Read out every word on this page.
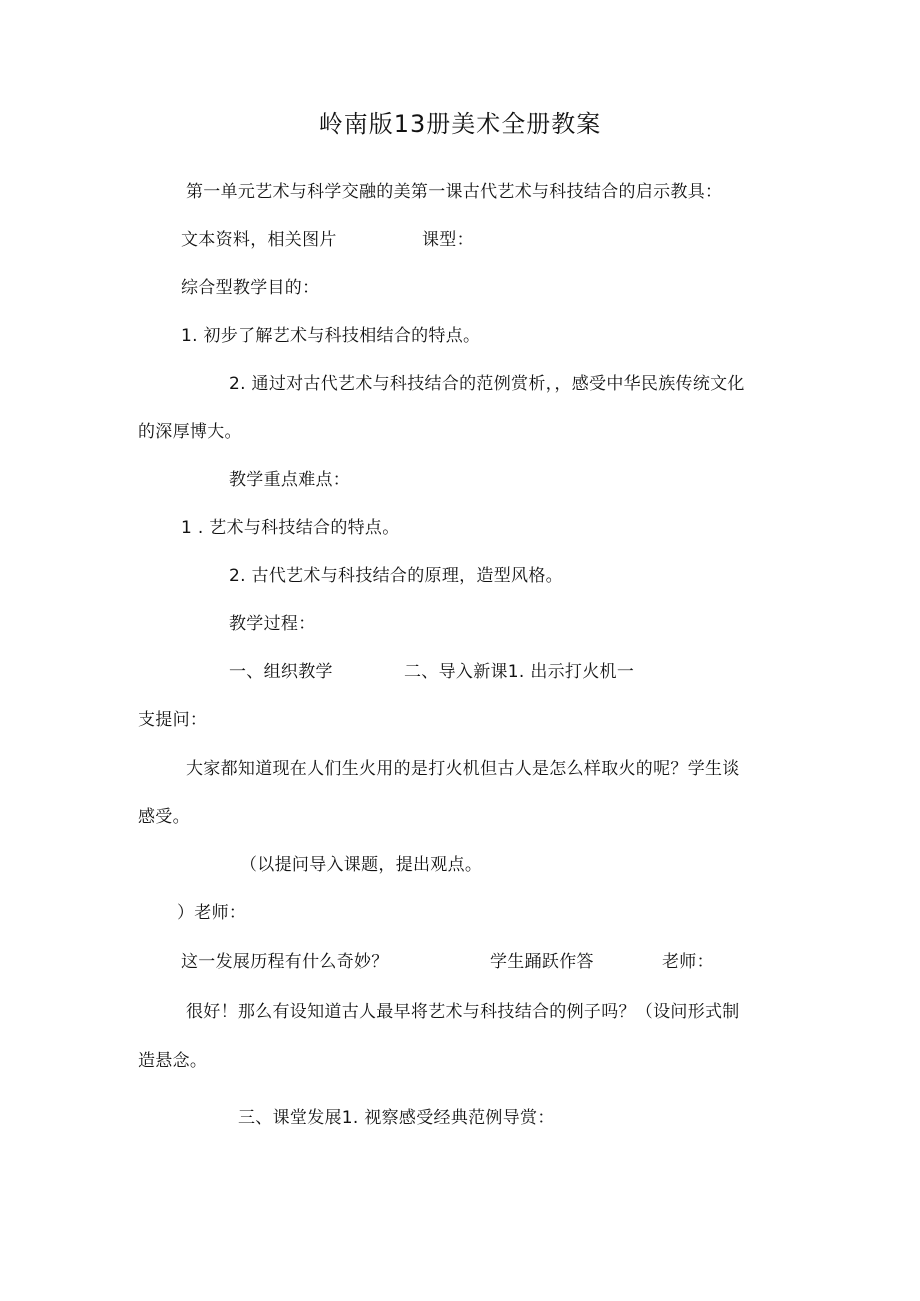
岭南版13册美术全册教案
第一单元艺术与科学交融的美第一课古代艺术与科技结合的启示教具：
文本资料，相关图片	课型：
综合型教学目的：
1. 初步了解艺术与科技相结合的特点。
2. 通过对古代艺术与科技结合的范例赏析，，感受中华民族传统文化
的深厚博大。
教学重点难点：
1 . 艺术与科技结合的特点。
2. 古代艺术与科技结合的原理，造型风格。
教学过程：
一、组织教学	二、导入新课1. 出示打火机一
支提问：
大家都知道现在人们生火用的是打火机但古人是怎么样取火的呢？学生谈
感受。
（以提问导入课题，提出观点。
）老师：
这一发展历程有什么奇妙？	学生踊跃作答	老师：
很好！那么有设知道古人最早将艺术与科技结合的例子吗？（设问形式制
造悬念。
三、课堂发展1. 视察感受经典范例导赏：
